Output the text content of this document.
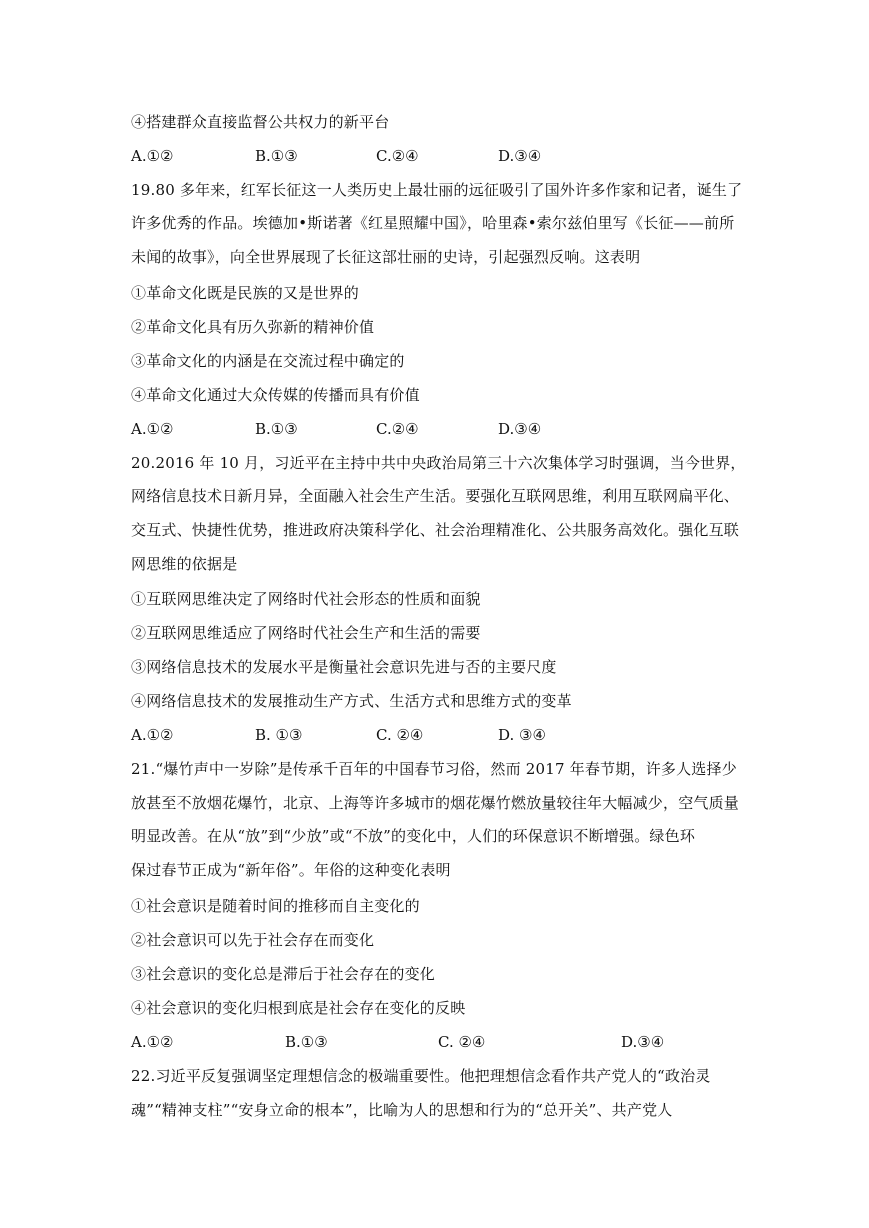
④搭建群众直接监督公共权力的新平台
A.①②	B.①③	C.②④	D.③④
19.80 多年来，红军长征这一人类历史上最壮丽的远征吸引了国外许多作家和记者，诞生了
许多优秀的作品。埃德加•斯诺著《红星照耀中国》，哈里森•索尔兹伯里写《长征——前所
未闻的故事》，向全世界展现了长征这部壮丽的史诗，引起强烈反响。这表明
①革命文化既是民族的又是世界的
②革命文化具有历久弥新的精神价值
③革命文化的内涵是在交流过程中确定的
④革命文化通过大众传媒的传播而具有价值
A.①②	B.①③	C.②④	D.③④
20.2016 年 10 月，习近平在主持中共中央政治局第三十六次集体学习时强调，当今世界，
网络信息技术日新月异，全面融入社会生产生活。要强化互联网思维，利用互联网扁平化、
交互式、快捷性优势，推进政府决策科学化、社会治理精准化、公共服务高效化。强化互联
网思维的依据是
①互联网思维决定了网络时代社会形态的性质和面貌
②互联网思维适应了网络时代社会生产和生活的需要
③网络信息技术的发展水平是衡量社会意识先进与否的主要尺度
④网络信息技术的发展推动生产方式、生活方式和思维方式的变革
A.①②	B. ①③	C. ②④	D. ③④
21.“爆竹声中一岁除”是传承千百年的中国春节习俗，然而 2017 年春节期，许多人选择少
放甚至不放烟花爆竹，北京、上海等许多城市的烟花爆竹燃放量较往年大幅减少，空气质量
明显改善。在从“放”到“少放”或“不放”的变化中，人们的环保意识不断增强。绿色环
保过春节正成为“新年俗”。年俗的这种变化表明
①社会意识是随着时间的推移而自主变化的
②社会意识可以先于社会存在而变化
③社会意识的变化总是滞后于社会存在的变化
④社会意识的变化归根到底是社会存在变化的反映
A.①②	B.①③	C. ②④	D.③④
22.习近平反复强调坚定理想信念的极端重要性。他把理想信念看作共产党人的“政治灵
魂”“精神支柱”“安身立命的根本”，比喻为人的思想和行为的“总开关”、共产党人
